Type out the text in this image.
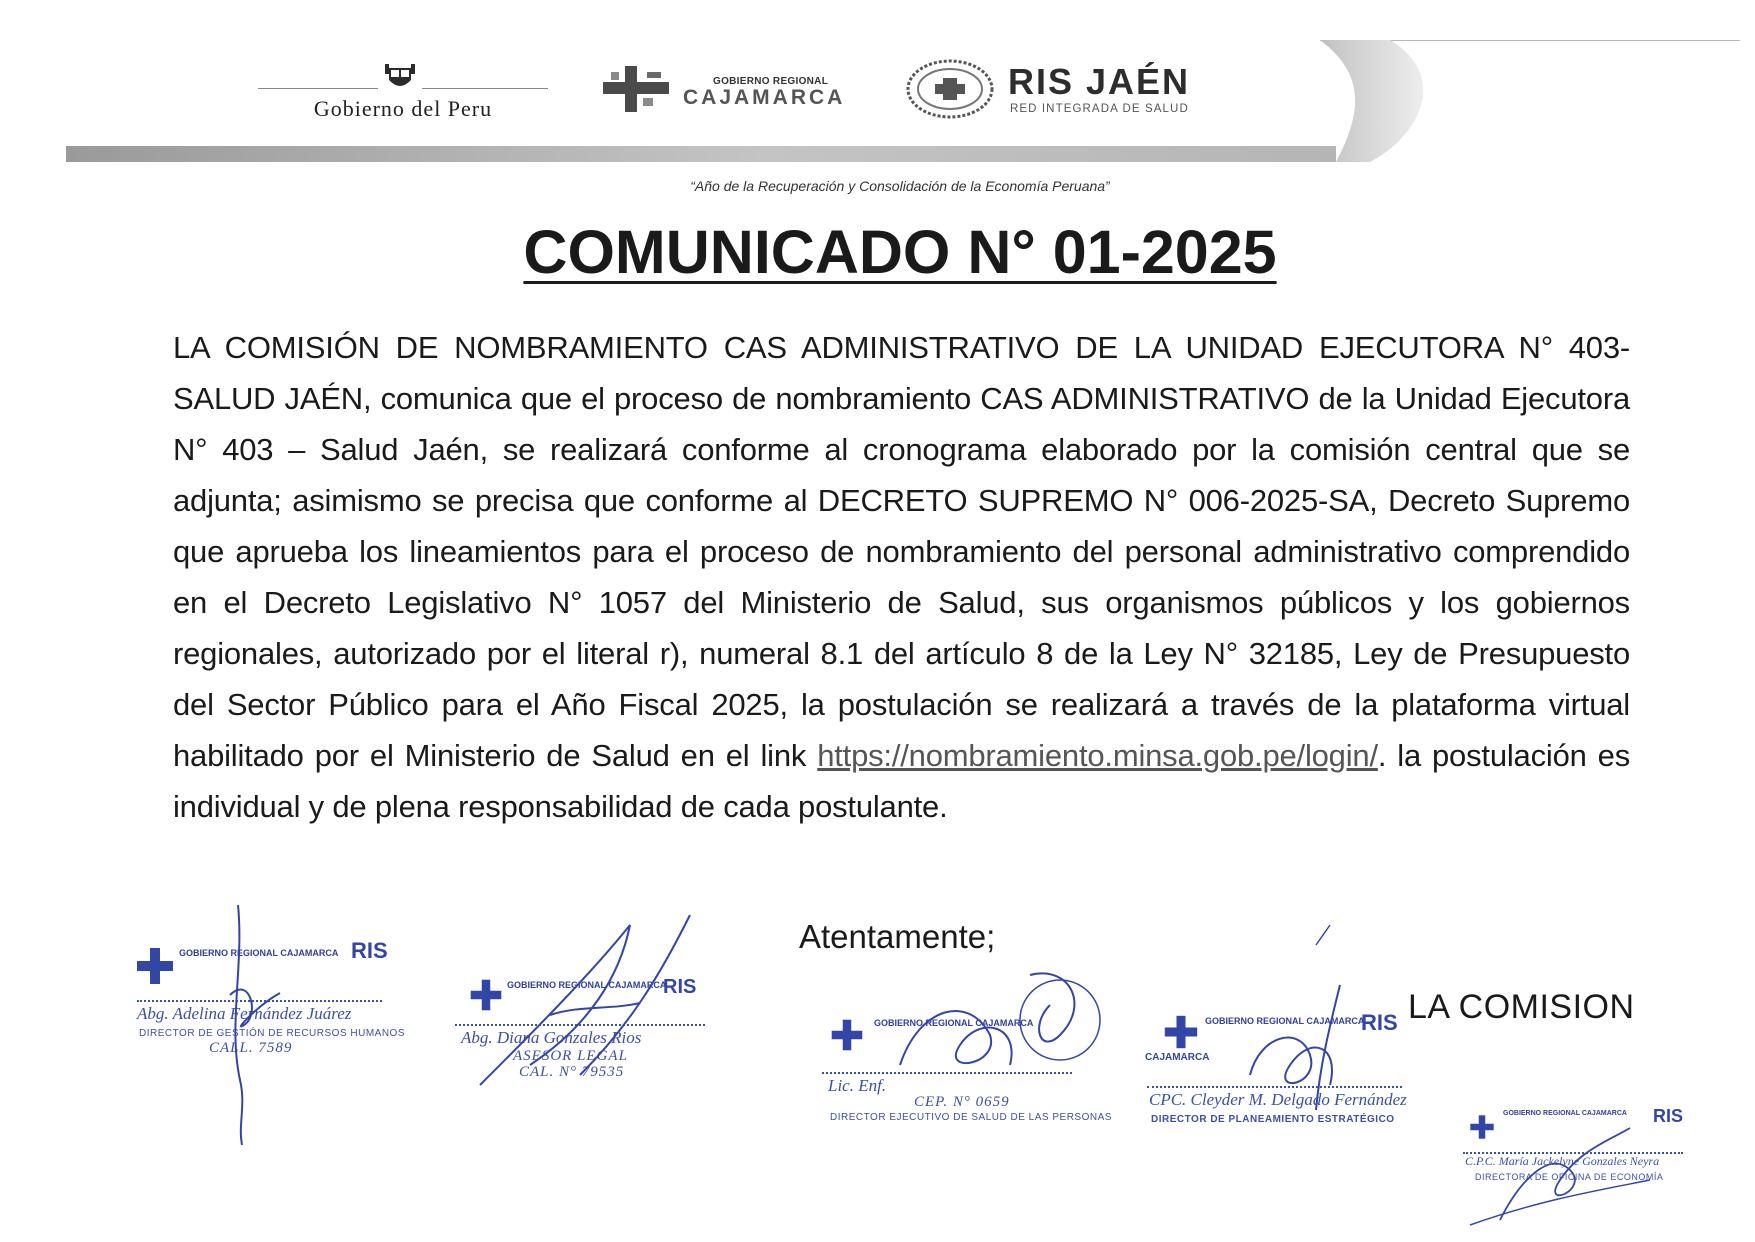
Gobierno del Peru
GOBIERNO REGIONAL
CAJAMARCA	RIS JAÉN
RED INTEGRADA DE SALUD
“Año de la Recuperación y Consolidación de la Economía Peruana”
COMUNICADO N° 01-2025
LA COMISIÓN DE NOMBRAMIENTO CAS ADMINISTRATIVO DE LA UNIDAD EJECUTORA N° 403- SALUD JAÉN, comunica que el proceso de nombramiento CAS ADMINISTRATIVO de la Unidad Ejecutora N° 403 – Salud Jaén, se realizará conforme al cronograma elaborado por la comisión central que se adjunta; asimismo se precisa que conforme al DECRETO SUPREMO N° 006-2025-SA, Decreto Supremo que aprueba los lineamientos para el proceso de nombramiento del personal administrativo comprendido en el Decreto Legislativo N° 1057 del Ministerio de Salud, sus organismos públicos y los gobiernos regionales, autorizado por el literal r), numeral 8.1 del artículo 8 de la Ley N° 32185, Ley de Presupuesto del Sector Público para el Año Fiscal 2025, la postulación se realizará a través de la plataforma virtual habilitado por el Ministerio de Salud en el link https://nombramiento.minsa.gob.pe/login/. la postulación es individual y de plena responsabilidad de cada postulante.
Atentamente;
LA COMISION
GOBIERNO REGIONAL CAJAMARCA RIS
Abg. Adelina Fernández Juárez
DIRECTOR DE GESTIÓN DE RECURSOS HUMANOS
CALL. 7589
GOBIERNO REGIONAL CAJAMARCA
RIS
Abg. Diana Gonzales Rios
ASESOR LEGAL
CAL. N° 79535
GOBIERNO REGIONAL CAJAMARCA
Lic. Enf.
CEP. N° 0659
DIRECTOR EJECUTIVO DE SALUD DE LAS PERSONAS
GOBIERNO REGIONAL CAJAMARCA
CAJAMARCA
RIS
CPC. Cleyder M. Delgado Fernández
DIRECTOR DE PLANEAMIENTO ESTRATÉGICO
GOBIERNO REGIONAL CAJAMARCA RIS
C.P.C. María Jackelyne Gonzales Neyra
DIRECTORA DE OFICINA DE ECONOMÍA
